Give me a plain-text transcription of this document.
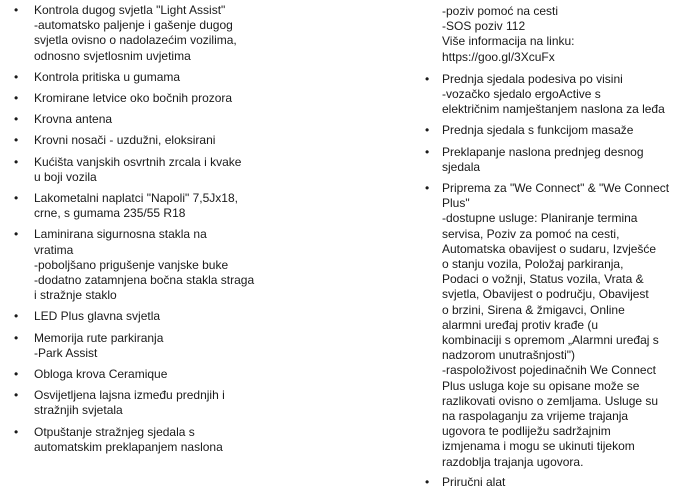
•	Kontrola dugog svjetla "Light Assist"
-automatsko paljenje i gašenje dugog
svjetla ovisno o nadolazećim vozilima,
odnosno svjetlosnim uvjetima
•	Kontrola pritiska u gumama
•	Kromirane letvice oko bočnih prozora
•	Krovna antena
•	Krovni nosači - uzdužni, eloksirani
•	Kućišta vanjskih osvrtnih zrcala i kvake
u boji vozila
•	Lakometalni naplatci "Napoli" 7,5Jx18,
crne, s gumama 235/55 R18
•	Laminirana sigurnosna stakla na
vratima
-poboljšano prigušenje vanjske buke
-dodatno zatamnjena bočna stakla straga
i stražnje staklo
•	LED Plus glavna svjetla
•	Memorija rute parkiranja
-Park Assist
•	Obloga krova Ceramique
•	Osvijetljena lajsna između prednjih i
stražnjih svjetala
•	Otpuštanje stražnjeg sjedala s
automatskim preklapanjem naslona
-poziv pomoć na cesti
-SOS poziv 112
Više informacija na linku:
https://goo.gl/3XcuFx
•	Prednja sjedala podesiva po visini
-vozačko sjedalo ergoActive s
električnim namještanjem naslona za leđa
•	Prednja sjedala s funkcijom masaže
•	Preklapanje naslona prednjeg desnog
sjedala
•	Priprema za "We Connect" & "We Connect
Plus"
-dostupne usluge: Planiranje termina
servisa, Poziv za pomoć na cesti,
Automatska obavijest o sudaru, Izvješće
o stanju vozila, Položaj parkiranja,
Podaci o vožnji, Status vozila, Vrata &
svjetla, Obavijest o području, Obavijest
o brzini, Sirena & žmigavci, Online
alarmni uređaj protiv krađe (u
kombinaciji s opremom „Alarmni uređaj s
nadzorom unutrašnjosti")
-raspoloživost pojedinačnih We Connect
Plus usluga koje su opisane može se
razlikovati ovisno o zemljama. Usluge su
na raspolaganju za vrijeme trajanja
ugovora te podliježu sadržajnim
izmjenama i mogu se ukinuti tijekom
razdoblja trajanja ugovora.
•	Priručni alat
